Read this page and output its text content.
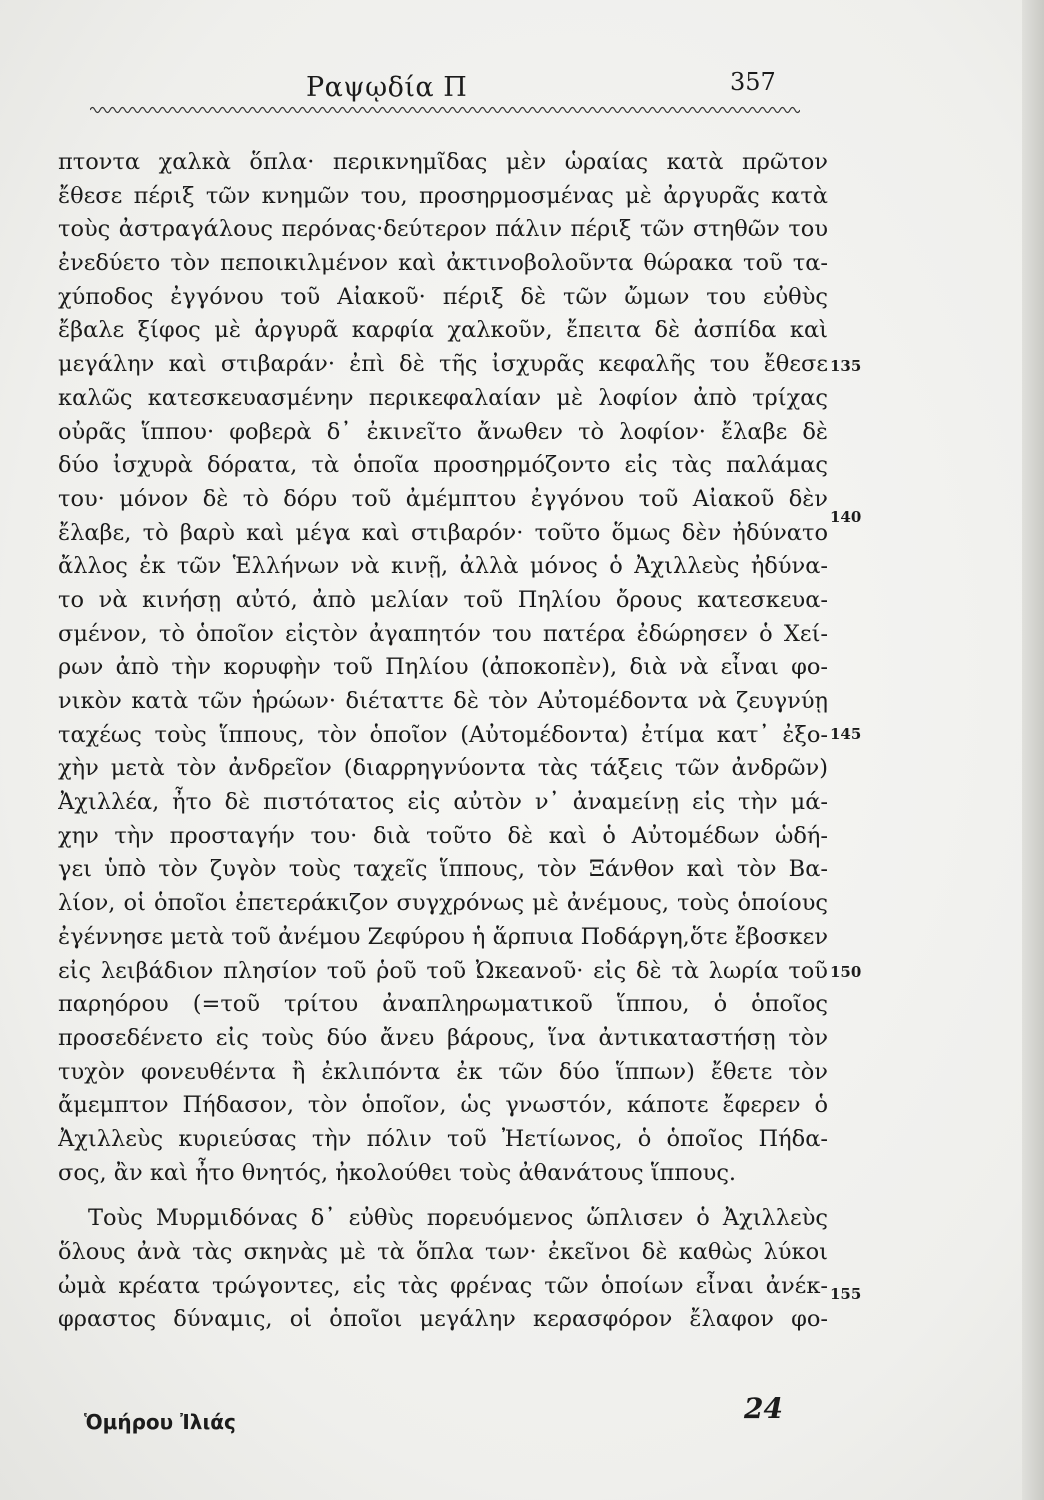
Ραψῳδία Π	357
πτοντα χαλκὰ ὅπλα· περικνημῖδας μὲν ὡραίας κατὰ πρῶτον
ἔθεσε πέριξ τῶν κνημῶν του, προσηρμοσμένας μὲ ἀργυρᾶς κατὰ
τοὺς ἀστραγάλους περόνας·δεύτερον πάλιν πέριξ τῶν στηθῶν του
ἐνεδύετο τὸν πεποικιλμένον καὶ ἀκτινοβολοῦντα θώρακα τοῦ τα-
χύποδος ἐγγόνου τοῦ Αἰακοῦ· πέριξ δὲ τῶν ὤμων του εὐθὺς
ἔβαλε ξίφος μὲ ἀργυρᾶ καρφία χαλκοῦν, ἔπειτα δὲ ἀσπίδα καὶ
μεγάλην καὶ στιβαράν· ἐπὶ δὲ τῆς ἰσχυρᾶς κεφαλῆς του ἔθεσε
καλῶς κατεσκευασμένην περικεφαλαίαν μὲ λοφίον ἀπὸ τρίχας
οὐρᾶς ἵππου· φοβερὰ δ᾽ ἐκινεῖτο ἄνωθεν τὸ λοφίον· ἔλαβε δὲ
δύο ἰσχυρὰ δόρατα, τὰ ὁποῖα προσηρμόζοντο εἰς τὰς παλάμας
του· μόνον δὲ τὸ δόρυ τοῦ ἀμέμπτου ἐγγόνου τοῦ Αἰακοῦ δὲν
ἔλαβε, τὸ βαρὺ καὶ μέγα καὶ στιβαρόν· τοῦτο ὅμως δὲν ἠδύνατο
ἄλλος ἐκ τῶν Ἑλλήνων νὰ κινῇ, ἀλλὰ μόνος ὁ Ἀχιλλεὺς ἠδύνα-
το νὰ κινήσῃ αὐτό, ἀπὸ μελίαν τοῦ Πηλίου ὄρους κατεσκευα-
σμένον, τὸ ὁποῖον εἰςτὸν ἀγαπητόν του πατέρα ἐδώρησεν ὁ Χεί-
ρων ἀπὸ τὴν κορυφὴν τοῦ Πηλίου (ἀποκοπὲν), διὰ νὰ εἶναι φο-
νικὸν κατὰ τῶν ἡρώων· διέταττε δὲ τὸν Αὐτομέδοντα νὰ ζευγνύῃ
ταχέως τοὺς ἵππους, τὸν ὁποῖον (Αὐτομέδοντα) ἐτίμα κατ᾽ ἐξο-
χὴν μετὰ τὸν ἀνδρεῖον (διαρρηγνύοντα τὰς τάξεις τῶν ἀνδρῶν)
Ἀχιλλέα, ἦτο δὲ πιστότατος εἰς αὐτὸν ν᾽ ἀναμείνῃ εἰς τὴν μά-
χην τὴν προσταγήν του· διὰ τοῦτο δὲ καὶ ὁ Αὐτομέδων ὡδή-
γει ὑπὸ τὸν ζυγὸν τοὺς ταχεῖς ἵππους, τὸν Ξάνθον καὶ τὸν Βα-
λίον, οἱ ὁποῖοι ἐπετεράκιζον συγχρόνως μὲ ἀνέμους, τοὺς ὁποίους
ἐγέννησε μετὰ τοῦ ἀνέμου Ζεφύρου ἡ ἅρπυια Ποδάργη,ὅτε ἔβοσκεν
εἰς λειβάδιον πλησίον τοῦ ῥοῦ τοῦ Ὠκεανοῦ· εἰς δὲ τὰ λωρία τοῦ
παρηόρου (=τοῦ τρίτου ἀναπληρωματικοῦ ἵππου, ὁ ὁποῖος
προσεδένετο εἰς τοὺς δύο ἄνευ βάρους, ἵνα ἀντικαταστήσῃ τὸν
τυχὸν φονευθέντα ἢ ἐκλιπόντα ἐκ τῶν δύο ἵππων) ἔθετε τὸν
ἄμεμπτον Πήδασον, τὸν ὁποῖον, ὡς γνωστόν, κάποτε ἔφερεν ὁ
Ἀχιλλεὺς κυριεύσας τὴν πόλιν τοῦ Ἠετίωνος, ὁ ὁποῖος Πήδα-
σος, ἂν καὶ ἦτο θνητός, ἠκολούθει τοὺς ἀθανάτους ἵππους.
Τοὺς Μυρμιδόνας δ᾽ εὐθὺς πορευόμενος ὥπλισεν ὁ Ἀχιλλεὺς
ὅλους ἀνὰ τὰς σκηνὰς μὲ τὰ ὅπλα των· ἐκεῖνοι δὲ καθὼς λύκοι
ὠμὰ κρέατα τρώγοντες, εἰς τὰς φρένας τῶν ὁποίων εἶναι ἀνέκ-
φραστος δύναμις, οἱ ὁποῖοι μεγάλην κερασφόρον ἔλαφον φο-
135
140
145
150
155
Ὁμήρου Ἰλιάς	24
